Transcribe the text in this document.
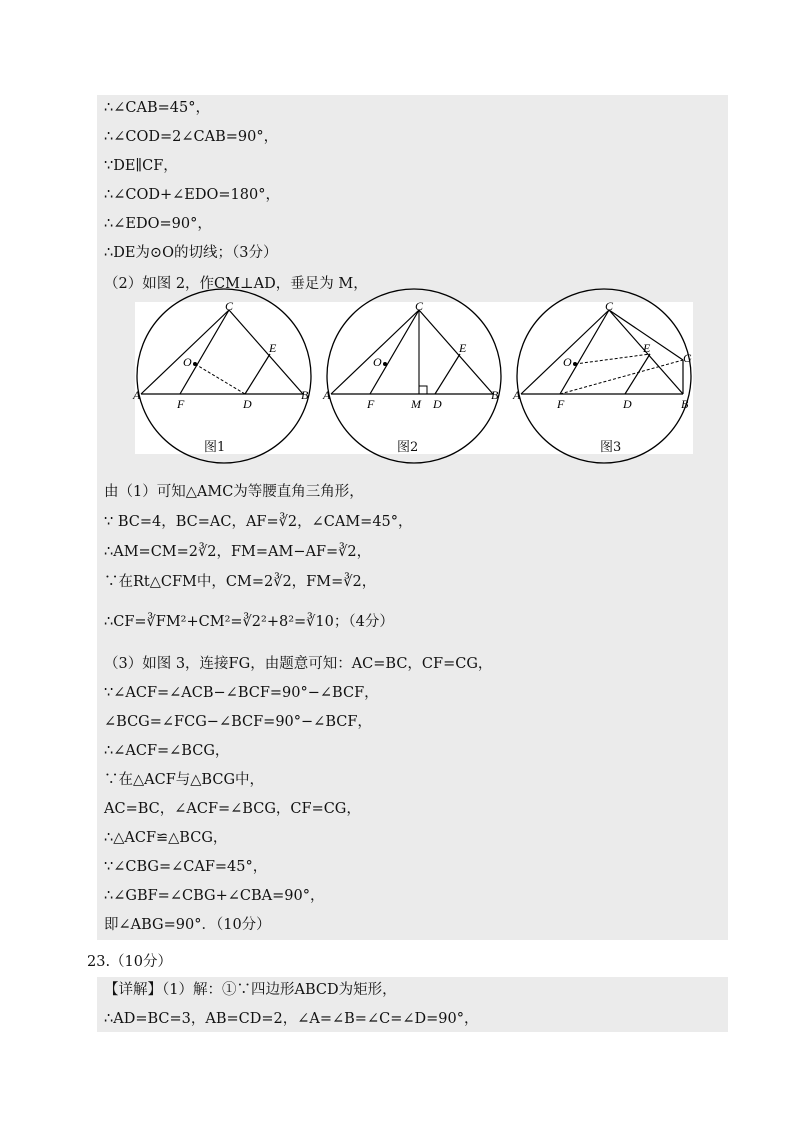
∴∠CAB=45°，
∴∠COD=2∠CAB=90°，
∵DE∥CF，
∴∠COD+∠EDO=180°，
∴∠EDO=90°，
∴DE为⊙O的切线；（3分）
（2）如图 2，作CM⊥AD，垂足为 M，
A	B
C
D
E
F
O
A	B
C
D
E
F	M
O
A
B
C
D
E
F
G
O
图1	图2	图3
由（1）可知△AMC为等腰直角三角形，
∵ BC=4，BC=AC，AF=∛2，∠CAM=45°，
∴AM=CM=2∛2，FM=AM−AF=∛2，
∵在Rt△CFM中，CM=2∛2，FM=∛2，
∴CF=∛FM²+CM²=∛2²+8²=∛10；（4分）
（3）如图 3，连接FG，由题意可知：AC=BC，CF=CG，
∵∠ACF=∠ACB−∠BCF=90°−∠BCF，
∠BCG=∠FCG−∠BCF=90°−∠BCF，
∴∠ACF=∠BCG，
∵在△ACF与△BCG中，
AC=BC，∠ACF=∠BCG，CF=CG，
∴△ACF≌△BCG，
∵∠CBG=∠CAF=45°，
∴∠GBF=∠CBG+∠CBA=90°，
即∠ABG=90°．（10分）
23.（10分）
【详解】（1）解：①∵四边形ABCD为矩形，
∴AD=BC=3，AB=CD=2，∠A=∠B=∠C=∠D=90°，
